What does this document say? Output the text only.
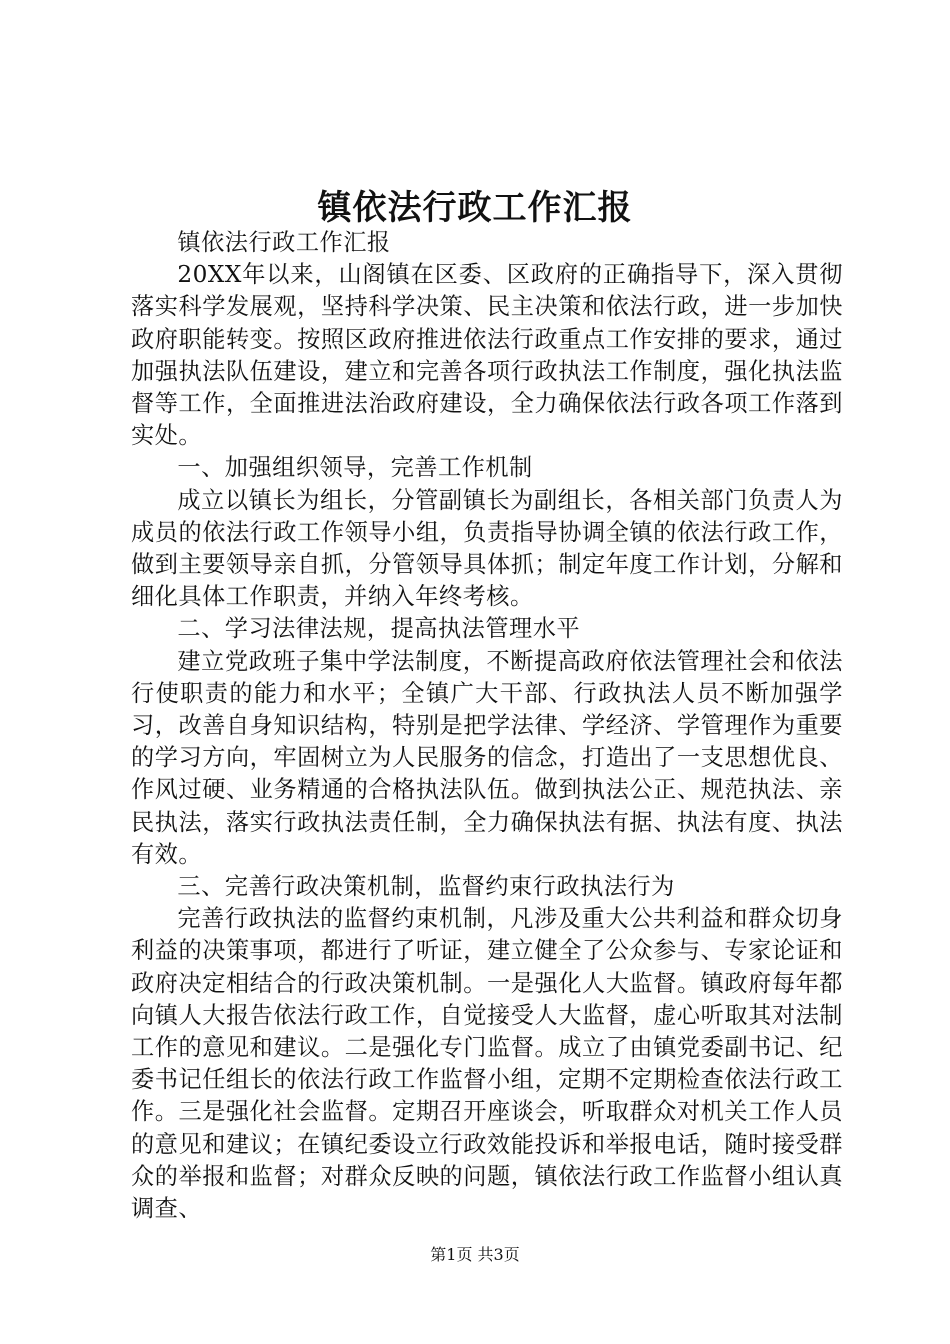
镇依法行政工作汇报

镇依法行政工作汇报

20XX年以来，山阁镇在区委、区政府的正确指导下，深入贯彻落实科学发展观，坚持科学决策、民主决策和依法行政，进一步加快政府职能转变。按照区政府推进依法行政重点工作安排的要求，通过加强执法队伍建设，建立和完善各项行政执法工作制度，强化执法监督等工作，全面推进法治政府建设，全力确保依法行政各项工作落到实处。

一、加强组织领导，完善工作机制

成立以镇长为组长，分管副镇长为副组长，各相关部门负责人为成员的依法行政工作领导小组，负责指导协调全镇的依法行政工作，做到主要领导亲自抓，分管领导具体抓；制定年度工作计划，分解和细化具体工作职责，并纳入年终考核。

二、学习法律法规，提高执法管理水平

建立党政班子集中学法制度，不断提高政府依法管理社会和依法行使职责的能力和水平；全镇广大干部、行政执法人员不断加强学习，改善自身知识结构，特别是把学法律、学经济、学管理作为重要的学习方向，牢固树立为人民服务的信念，打造出了一支思想优良、作风过硬、业务精通的合格执法队伍。做到执法公正、规范执法、亲民执法，落实行政执法责任制，全力确保执法有据、执法有度、执法有效。

三、完善行政决策机制，监督约束行政执法行为

完善行政执法的监督约束机制，凡涉及重大公共利益和群众切身利益的决策事项，都进行了听证，建立健全了公众参与、专家论证和政府决定相结合的行政决策机制。一是强化人大监督。镇政府每年都向镇人大报告依法行政工作，自觉接受人大监督，虚心听取其对法制工作的意见和建议。二是强化专门监督。成立了由镇党委副书记、纪委书记任组长的依法行政工作监督小组，定期不定期检查依法行政工作。三是强化社会监督。定期召开座谈会，听取群众对机关工作人员的意见和建议；在镇纪委设立行政效能投诉和举报电话，随时接受群众的举报和监督；对群众反映的问题，镇依法行政工作监督小组认真调查、

第1页 共3页
